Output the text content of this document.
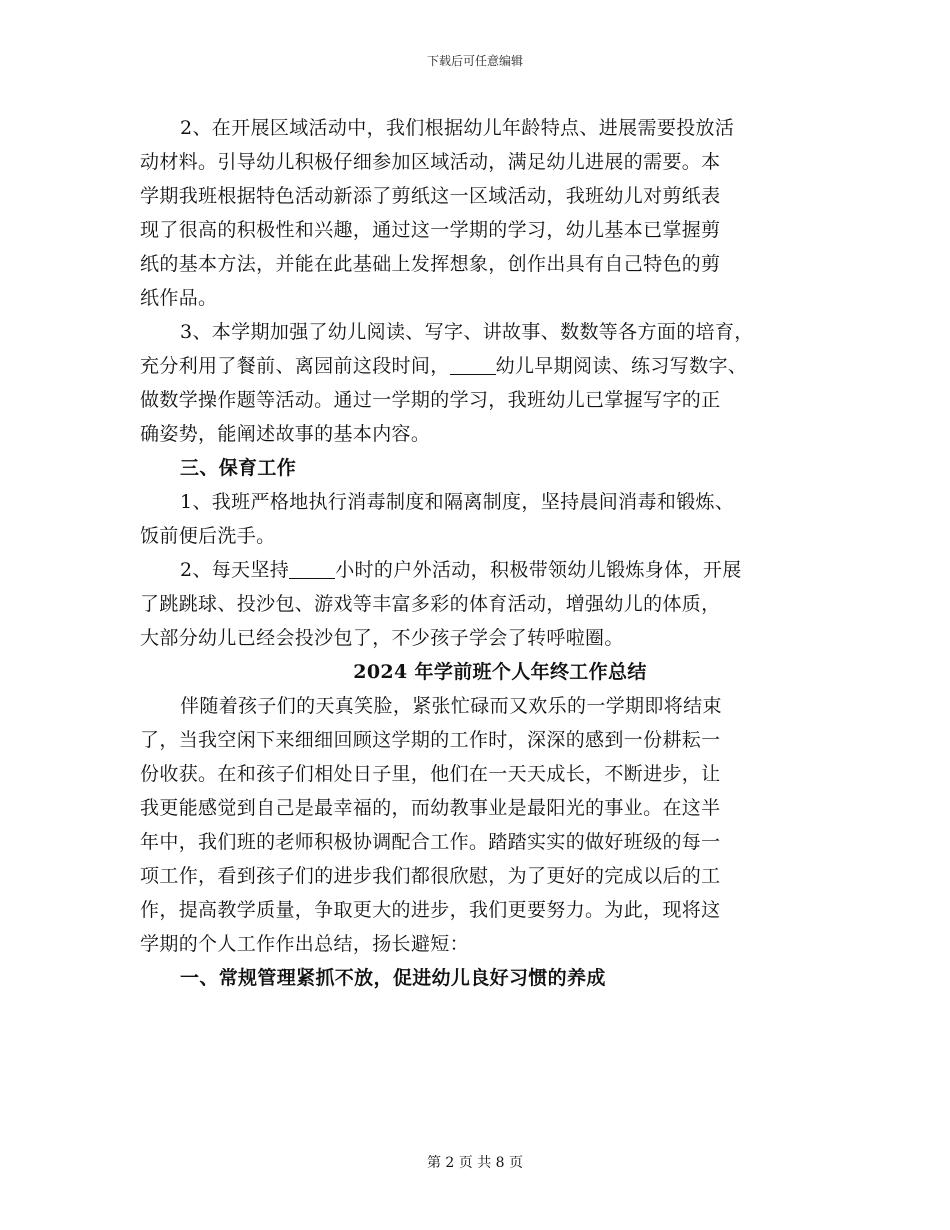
下载后可任意编辑
2、在开展区域活动中，我们根据幼儿年龄特点、进展需要投放活
动材料。引导幼儿积极仔细参加区域活动，满足幼儿进展的需要。本
学期我班根据特色活动新添了剪纸这一区域活动，我班幼儿对剪纸表
现了很高的积极性和兴趣，通过这一学期的学习，幼儿基本已掌握剪
纸的基本方法，并能在此基础上发挥想象，创作出具有自己特色的剪
纸作品。
3、本学期加强了幼儿阅读、写字、讲故事、数数等各方面的培育，
充分利用了餐前、离园前这段时间， 幼儿早期阅读、练习写数字、
做数学操作题等活动。通过一学期的学习，我班幼儿已掌握写字的正
确姿势，能阐述故事的基本内容。
三、保育工作
1、我班严格地执行消毒制度和隔离制度，坚持晨间消毒和锻炼、
饭前便后洗手。
2、每天坚持 小时的户外活动，积极带领幼儿锻炼身体，开展
了跳跳球、投沙包、游戏等丰富多彩的体育活动，增强幼儿的体质，
大部分幼儿已经会投沙包了，不少孩子学会了转呼啦圈。
2024 年学前班个人年终工作总结
伴随着孩子们的天真笑脸，紧张忙碌而又欢乐的一学期即将结束
了，当我空闲下来细细回顾这学期的工作时，深深的感到一份耕耘一
份收获。在和孩子们相处日子里，他们在一天天成长，不断进步，让
我更能感觉到自己是最幸福的，而幼教事业是最阳光的事业。在这半
年中，我们班的老师积极协调配合工作。踏踏实实的做好班级的每一
项工作，看到孩子们的进步我们都很欣慰，为了更好的完成以后的工
作，提高教学质量，争取更大的进步，我们更要努力。为此，现将这
学期的个人工作作出总结，扬长避短：
一、常规管理紧抓不放，促进幼儿良好习惯的养成
第 2 页 共 8 页
